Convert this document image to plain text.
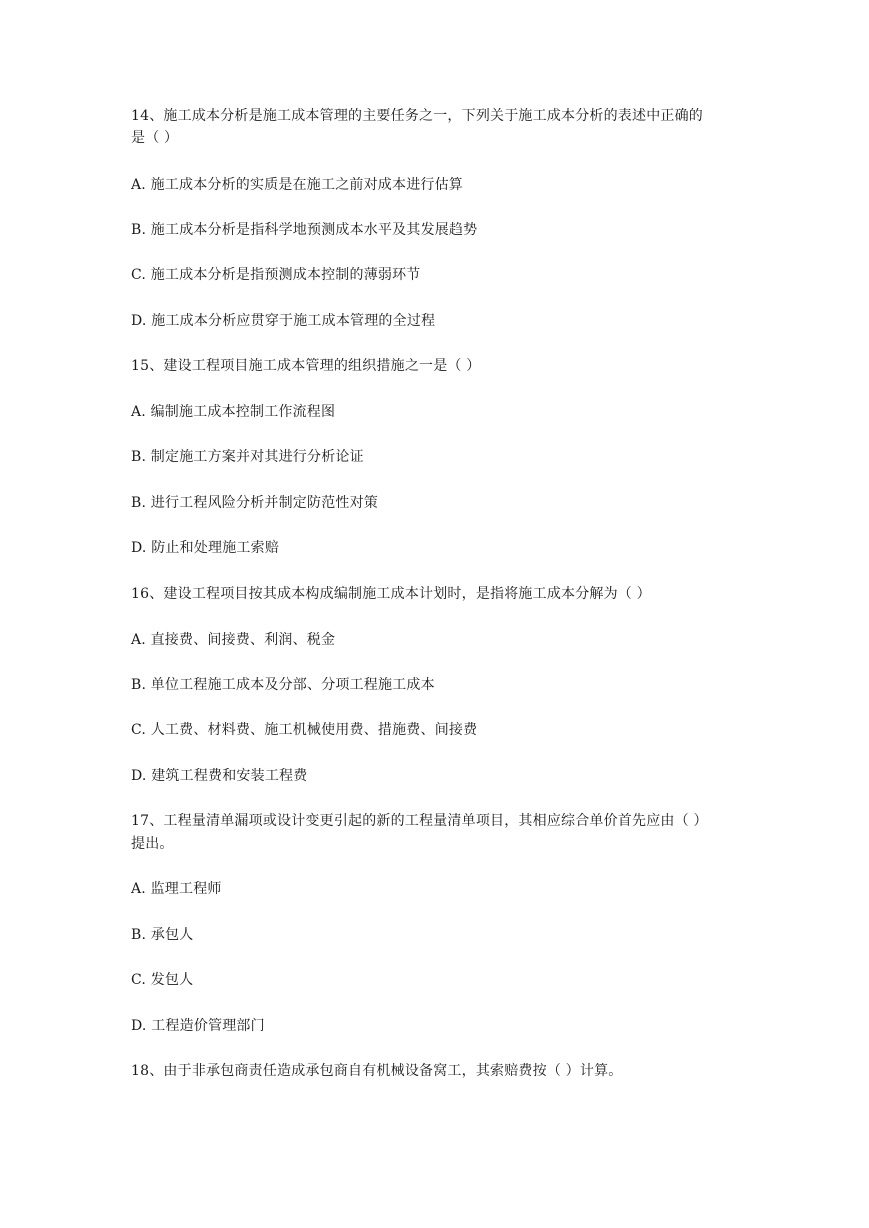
14、施工成本分析是施工成本管理的主要任务之一，下列关于施工成本分析的表述中正确的
是（ ）
A. 施工成本分析的实质是在施工之前对成本进行估算
B. 施工成本分析是指科学地预测成本水平及其发展趋势
C. 施工成本分析是指预测成本控制的薄弱环节
D. 施工成本分析应贯穿于施工成本管理的全过程
15、建设工程项目施工成本管理的组织措施之一是（ ）
A. 编制施工成本控制工作流程图
B. 制定施工方案并对其进行分析论证
B. 进行工程风险分析并制定防范性对策
D. 防止和处理施工索赔
16、建设工程项目按其成本构成编制施工成本计划时，是指将施工成本分解为（ ）
A. 直接费、间接费、利润、税金
B. 单位工程施工成本及分部、分项工程施工成本
C. 人工费、材料费、施工机械使用费、措施费、间接费
D. 建筑工程费和安装工程费
17、工程量清单漏项或设计变更引起的新的工程量清单项目，其相应综合单价首先应由（ ）
提出。
A. 监理工程师
B. 承包人
C. 发包人
D. 工程造价管理部门
18、由于非承包商责任造成承包商自有机械设备窝工，其索赔费按（ ）计算。
